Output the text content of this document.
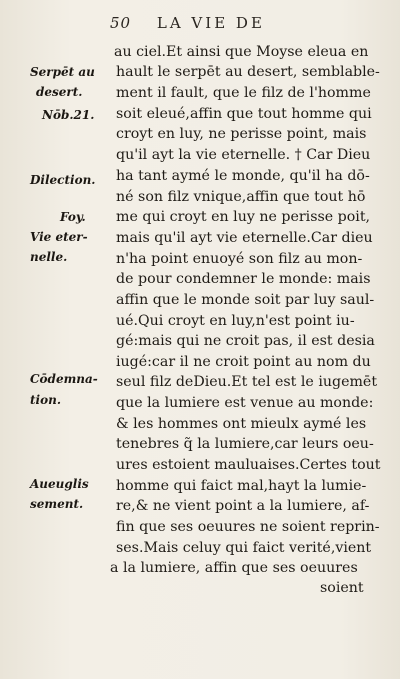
50 LA VIE DE
Serpēt au
desert.
Nōb.21.
Dilection.
Foy.
Vie eter-
nelle.
Cōdemna-
tion.
Aueuglis
sement.
au ciel.Et ainsi que Moyse eleua en
hault le serpēt au desert, semblable-
ment il fault, que le filz de l'homme
soit eleué,affin que tout homme qui
croyt en luy, ne perisse point, mais
qu'il ayt la vie eternelle. † Car Dieu
ha tant aymé le monde, qu'il ha dō-
né son filz vnique,affin que tout hō
me qui croyt en luy ne perisse poit,
mais qu'il ayt vie eternelle.Car dieu
n'ha point enuoyé son filz au mon-
de pour condemner le monde: mais
affin que le monde soit par luy saul-
ué.Qui croyt en luy,n'est point iu-
gé:mais qui ne croit pas, il est desia
iugé:car il ne croit point au nom du
seul filz deDieu.Et tel est le iugemēt
que la lumiere est venue au monde:
& les hommes ont mieulx aymé les
tenebres q̃ la lumiere,car leurs oeu-
ures estoient mauluaises.Certes tout
homme qui faict mal,hayt la lumie-
re,& ne vient point a la lumiere, af-
fin que ses oeuures ne soient reprin-
ses.Mais celuy qui faict verité,vient
a la lumiere, affin que ses oeuures
soient
